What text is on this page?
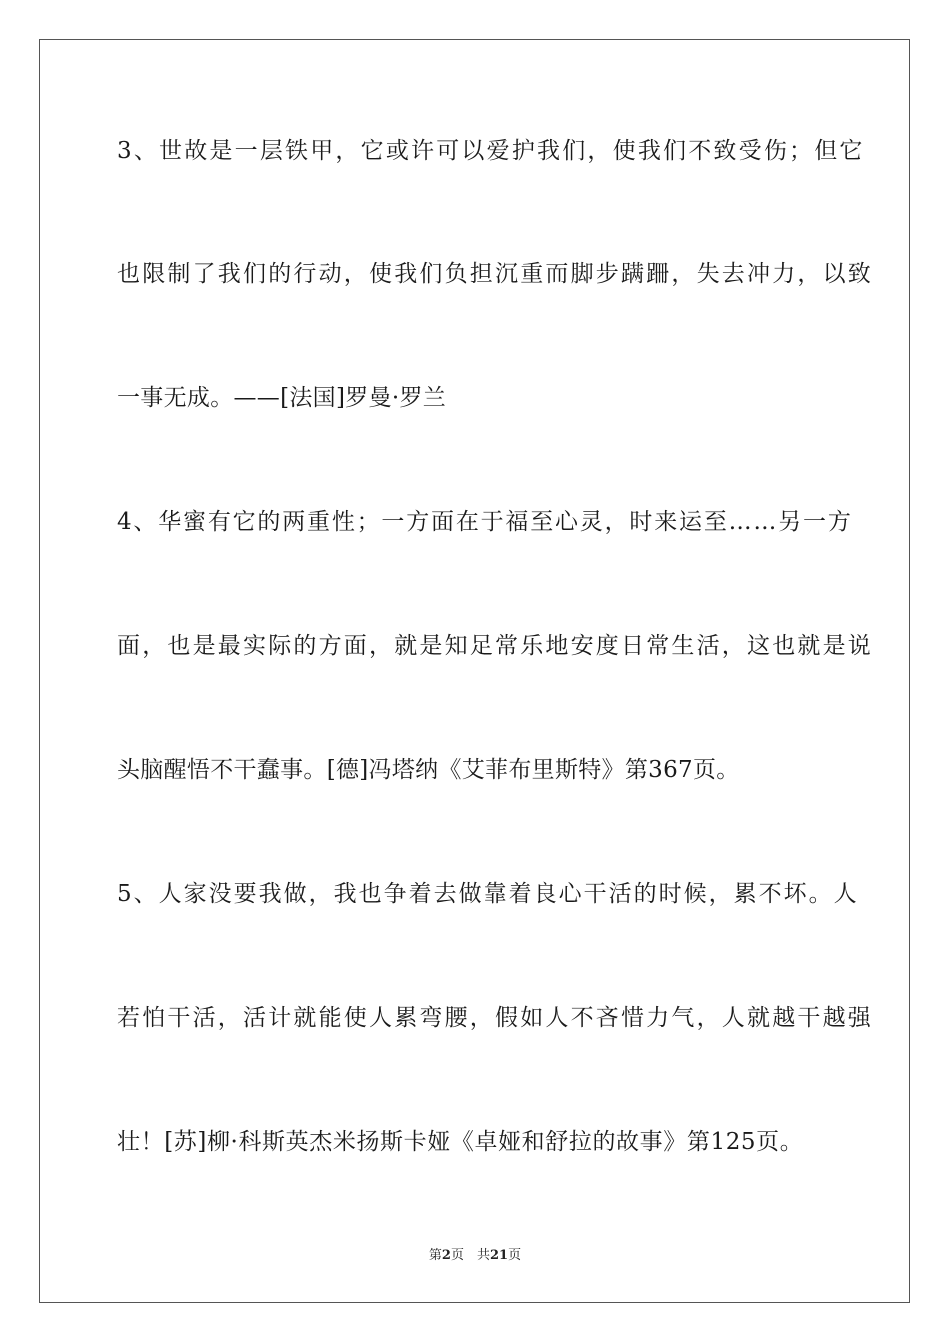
3、世故是一层铁甲，它或许可以爱护我们，使我们不致受伤；但它
也限制了我们的行动，使我们负担沉重而脚步蹒跚，失去冲力，以致
一事无成。——[法国]罗曼·罗兰
4、华蜜有它的两重性；一方面在于福至心灵，时来运至……另一方
面，也是最实际的方面，就是知足常乐地安度日常生活，这也就是说
头脑醒悟不干蠢事。[德]冯塔纳《艾菲布里斯特》第367页。
5、人家没要我做，我也争着去做靠着良心干活的时候，累不坏。人
若怕干活，活计就能使人累弯腰，假如人不吝惜力气，人就越干越强
壮！[苏]柳·科斯英杰米扬斯卡娅《卓娅和舒拉的故事》第125页。
第2页　共21页
